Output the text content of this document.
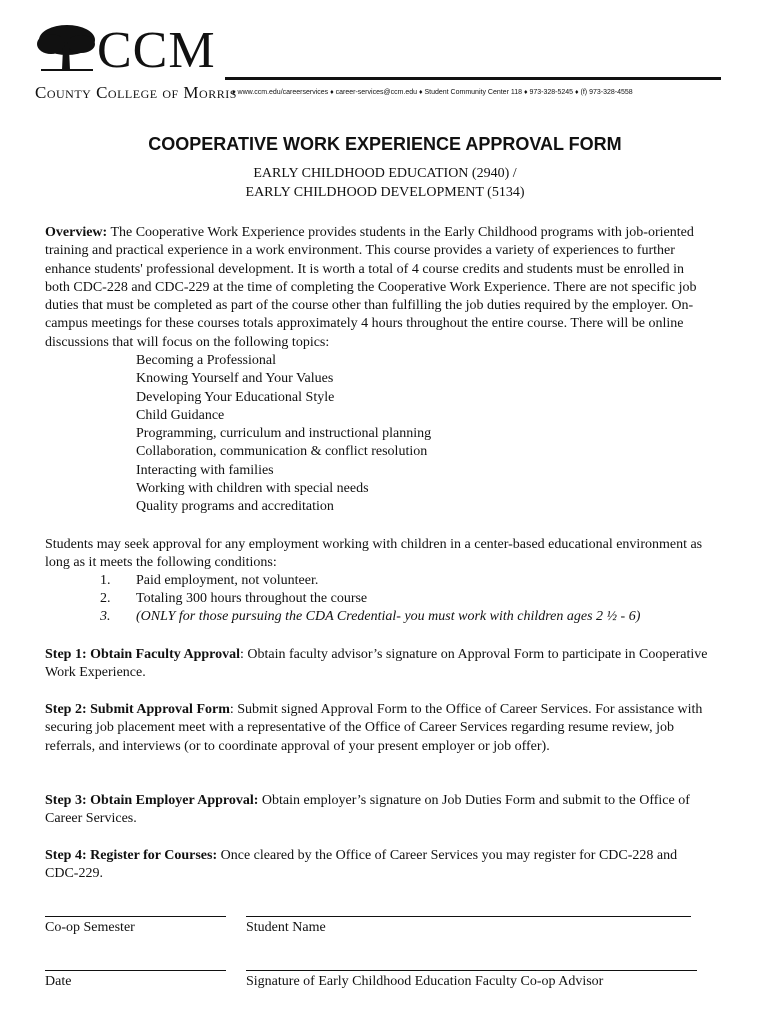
CCM
County College of Morris
♦ www.ccm.edu/careerservices ♦ career-services@ccm.edu ♦ Student Community Center 118 ♦ 973-328-5245 ♦ (f) 973-328-4558
COOPERATIVE WORK EXPERIENCE APPROVAL FORM
EARLY CHILDHOOD EDUCATION (2940) /
EARLY CHILDHOOD DEVELOPMENT (5134)
Overview: The Cooperative Work Experience provides students in the Early Childhood programs with job-oriented training and practical experience in a work environment. This course provides a variety of experiences to further enhance students' professional development. It is worth a total of 4 course credits and students must be enrolled in both CDC-228 and CDC-229 at the time of completing the Cooperative Work Experience. There are not specific job duties that must be completed as part of the course other than fulfilling the job duties required by the employer. On-campus meetings for these courses totals approximately 4 hours throughout the entire course. There will be online discussions that will focus on the following topics:
Becoming a Professional
Knowing Yourself and Your Values
Developing Your Educational Style
Child Guidance
Programming, curriculum and instructional planning
Collaboration, communication & conflict resolution
Interacting with families
Working with children with special needs
Quality programs and accreditation
Students may seek approval for any employment working with children in a center-based educational environment as long as it meets the following conditions:
1. Paid employment, not volunteer.
2. Totaling 300 hours throughout the course
3. (ONLY for those pursuing the CDA Credential- you must work with children ages 2 ½ - 6)
Step 1: Obtain Faculty Approval: Obtain faculty advisor’s signature on Approval Form to participate in Cooperative Work Experience.
Step 2: Submit Approval Form: Submit signed Approval Form to the Office of Career Services. For assistance with securing job placement meet with a representative of the Office of Career Services regarding resume review, job referrals, and interviews (or to coordinate approval of your present employer or job offer).
Step 3: Obtain Employer Approval: Obtain employer’s signature on Job Duties Form and submit to the Office of Career Services.
Step 4: Register for Courses: Once cleared by the Office of Career Services you may register for CDC-228 and CDC-229.
Co-op Semester	Student Name
Date	Signature of Early Childhood Education Faculty Co-op Advisor
